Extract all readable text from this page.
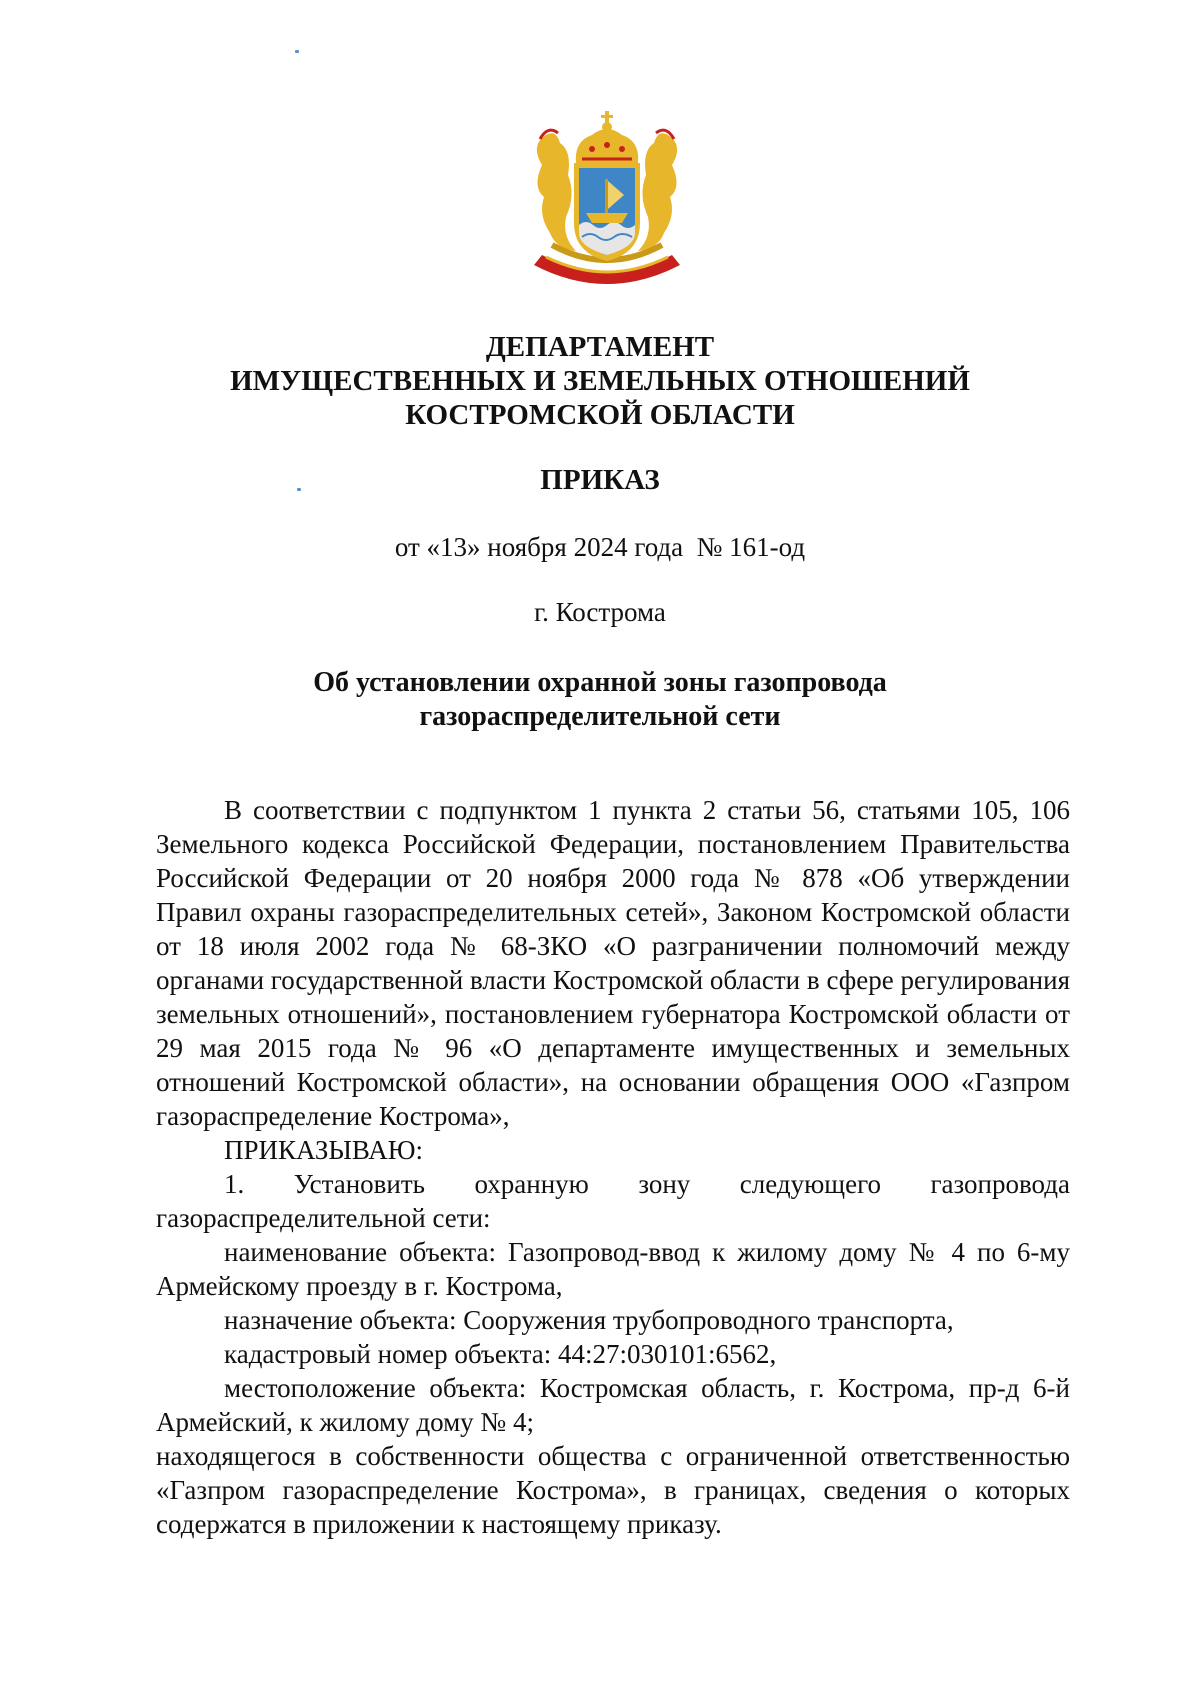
ДЕПАРТАМЕНТ
ИМУЩЕСТВЕННЫХ И ЗЕМЕЛЬНЫХ ОТНОШЕНИЙ
КОСТРОМСКОЙ ОБЛАСТИ
ПРИКАЗ
от «13» ноября 2024 года  № 161-од
г. Кострома
Об установлении охранной зоны газопровода
газораспределительной сети

В соответствии с подпунктом 1 пункта 2 статьи 56, статьями 105, 106 Земельного кодекса Российской Федерации, постановлением Правительства Российской Федерации от 20 ноября 2000 года № 878 «Об утверждении Правил охраны газораспределительных сетей», Законом Костромской области от 18 июля 2002 года № 68-ЗКО «О разграничении полномочий между органами государственной власти Костромской области в сфере регулирования земельных отношений», постановлением губернатора Костромской области от 29 мая 2015 года № 96 «О департаменте имущественных и земельных отношений Костромской области», на основании обращения ООО «Газпром газораспределение Кострома»,

ПРИКАЗЫВАЮ:

1. Установить охранную зону следующего газопровода газораспределительной сети:

наименование объекта: Газопровод-ввод к жилому дому № 4 по 6-му Армейскому проезду в г. Кострома,

назначение объекта: Сооружения трубопроводного транспорта,

кадастровый номер объекта: 44:27:030101:6562,

местоположение объекта: Костромская область, г. Кострома, пр-д 6-й Армейский, к жилому дому № 4;

находящегося в собственности общества с ограниченной ответственностью «Газпром газораспределение Кострома», в границах, сведения о которых содержатся в приложении к настоящему приказу.
